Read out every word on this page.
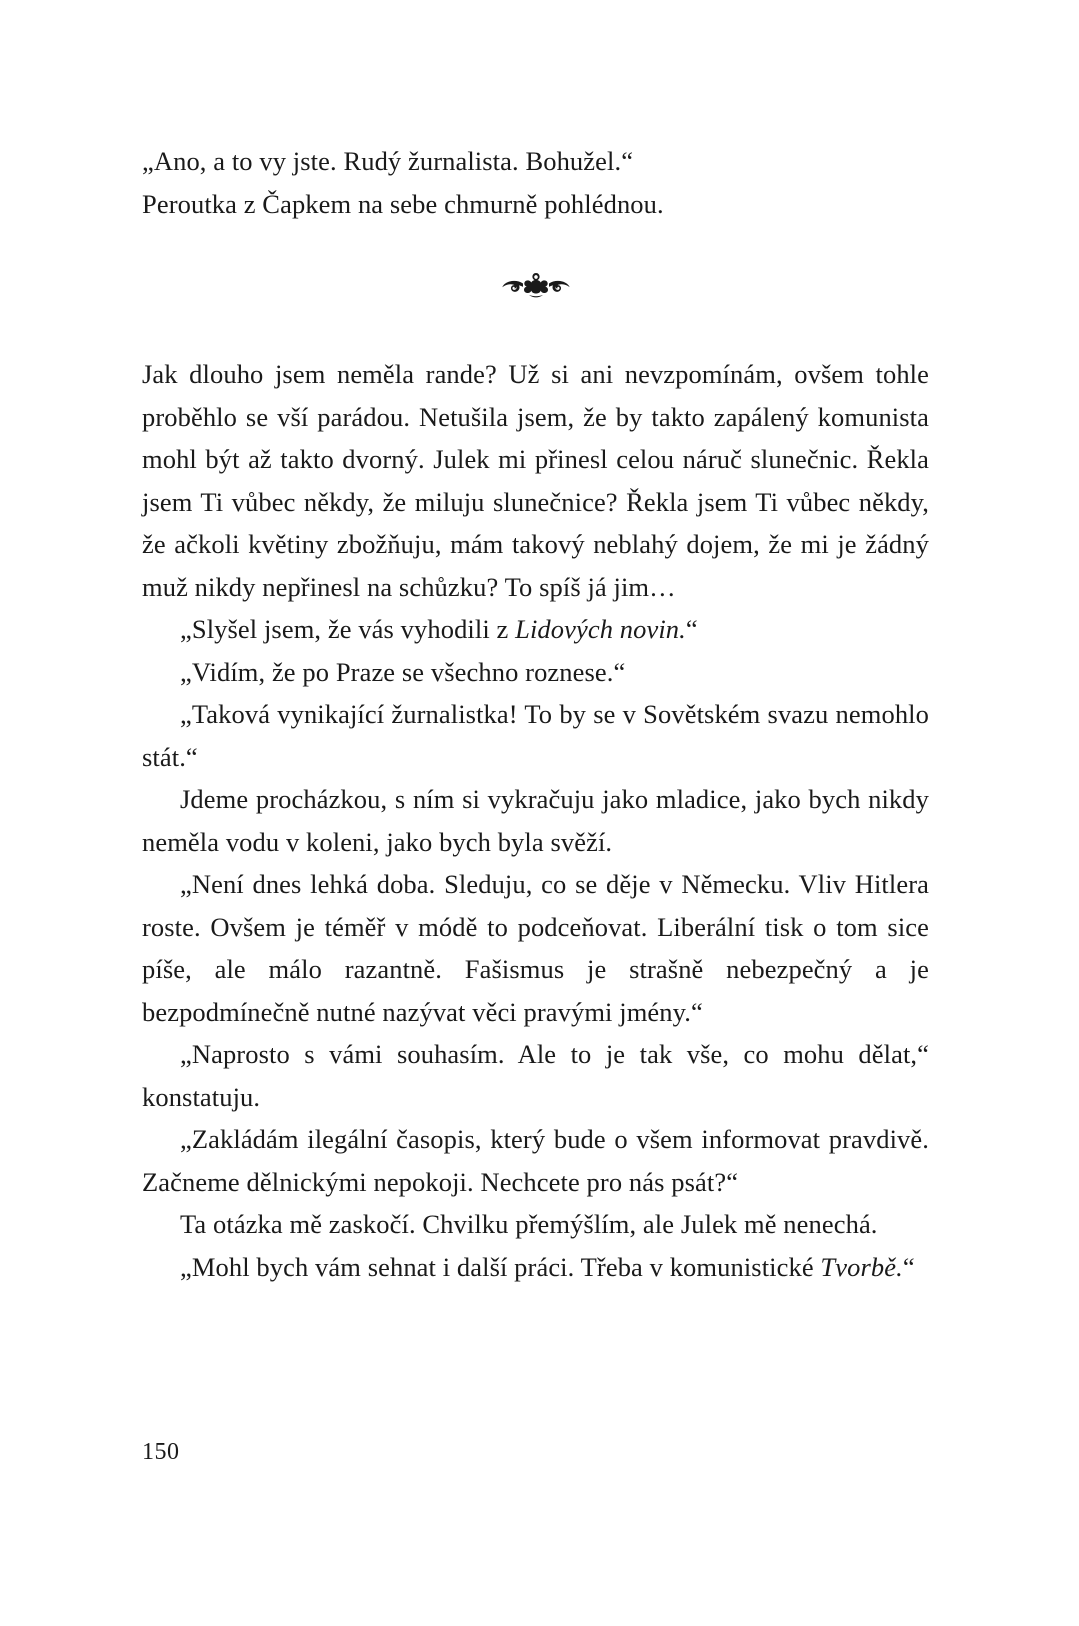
„Ano, a to vy jste. Rudý žurnalista. Bohužel.“

Peroutka z Čapkem na sebe chmurně pohlédnou.

Jak dlouho jsem neměla rande? Už si ani nevzpomínám, ovšem tohle proběhlo se vší parádou. Netušila jsem, že by takto zapálený komunista mohl být až takto dvorný. Julek mi přinesl celou náruč slunečnic. Řekla jsem Ti vůbec někdy, že miluju slunečnice? Řekla jsem Ti vůbec někdy, že ačkoli květiny zbožňuju, mám takový neblahý dojem, že mi je žádný muž nikdy nepřinesl na schůzku? To spíš já jim…

„Slyšel jsem, že vás vyhodili z Lidových novin.“

„Vidím, že po Praze se všechno roznese.“

„Taková vynikající žurnalistka! To by se v Sovětském svazu nemohlo stát.“

Jdeme procházkou, s ním si vykračuju jako mladice, jako bych nikdy neměla vodu v koleni, jako bych byla svěží.

„Není dnes lehká doba. Sleduju, co se děje v Německu. Vliv Hitlera roste. Ovšem je téměř v módě to podceňovat. Liberální tisk o tom sice píše, ale málo razantně. Fašismus je strašně nebezpečný a je bezpodmínečně nutné nazývat věci pravými jmény.“

„Naprosto s vámi souhasím. Ale to je tak vše, co mohu dělat,“ konstatuju.

„Zakládám ilegální časopis, který bude o všem informovat pravdivě. Začneme dělnickými nepokoji. Nechcete pro nás psát?“

Ta otázka mě zaskočí. Chvilku přemýšlím, ale Julek mě nenechá.

„Mohl bych vám sehnat i další práci. Třeba v komunistické Tvorbě.“

150
